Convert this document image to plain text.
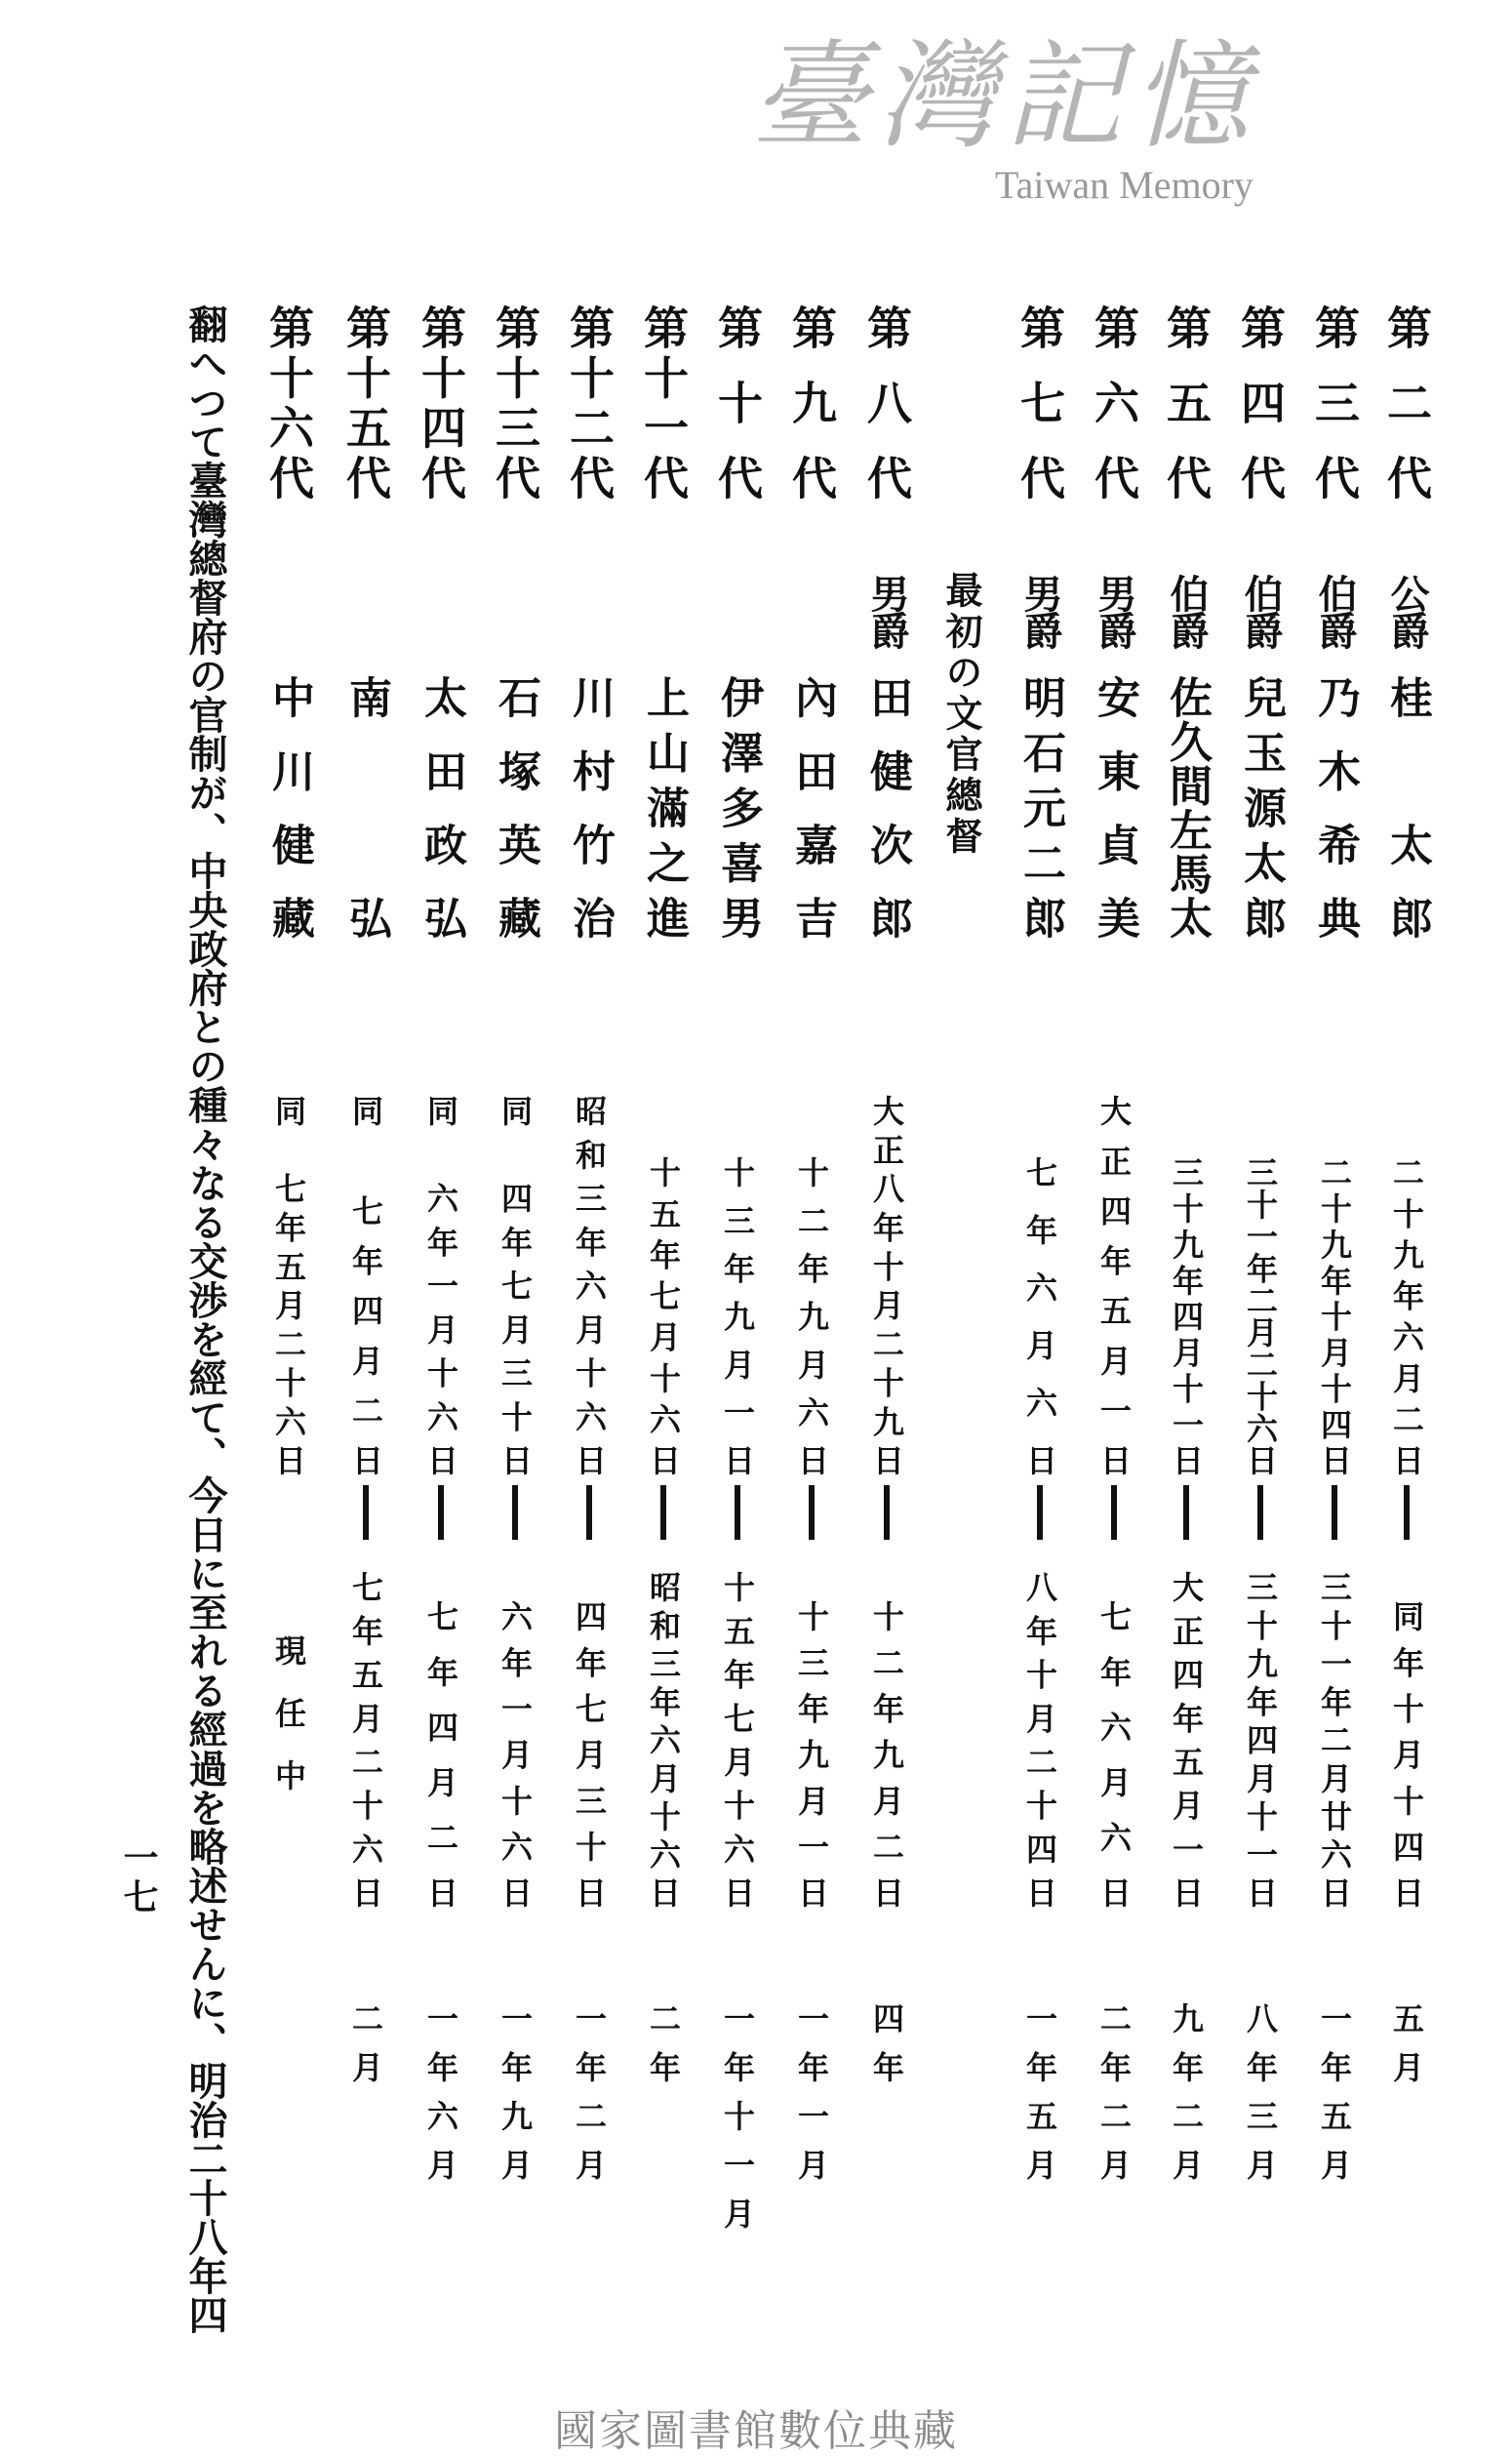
第二代
公爵
桂　太郎
二十九年六月二日
同年十月十四日
五月
第三代
伯爵
乃木希典
二十九年十月十四日
三十一年二月廿六日
一年五月
第四代
伯爵
兒玉源太郎
三十一年二月二十六日
三十九年四月十一日
八年三月
第五代
伯爵
佐久間左馬太
三十九年四月十一日
大正四年五月一日
九年二月
第六代
男爵
安東貞美
大正四年五月一日
七年六月六日
二年二月
第七代
男爵
明石元二郎
七年六月六日
八年十月二十四日
一年五月
第八代
男爵
田健次郎
大正八年十月二十九日
十二年九月二日
四年
第九代
內田嘉吉
十二年九月六日
十三年九月一日
一年一月
第十代
伊澤多喜男
十三年九月一日
十五年七月十六日
一年十一月
第十一代
上山滿之進
十五年七月十六日
昭和三年六月十六日
二年
第十二代
川村竹治
昭和三年六月十六日
四年七月三十日
一年二月
第十三代
石塚英藏
同　四年七月三十日
六年一月十六日
一年九月
第十四代
太田政弘
同　六年一月十六日
七年四月二日
一年六月
第十五代
南　弘
同　七年四月二日
七年五月二十六日
二月
第十六代
中川健藏
同　七年五月二十六日
現任中
最初の文官總督
翻へつて臺灣總督府の官制が、中央政府との種々なる交渉を經て、今日に至れる經過を略述せんに、明治二十八年四
一七
臺灣記憶
Taiwan Memory
國家圖書館數位典藏
